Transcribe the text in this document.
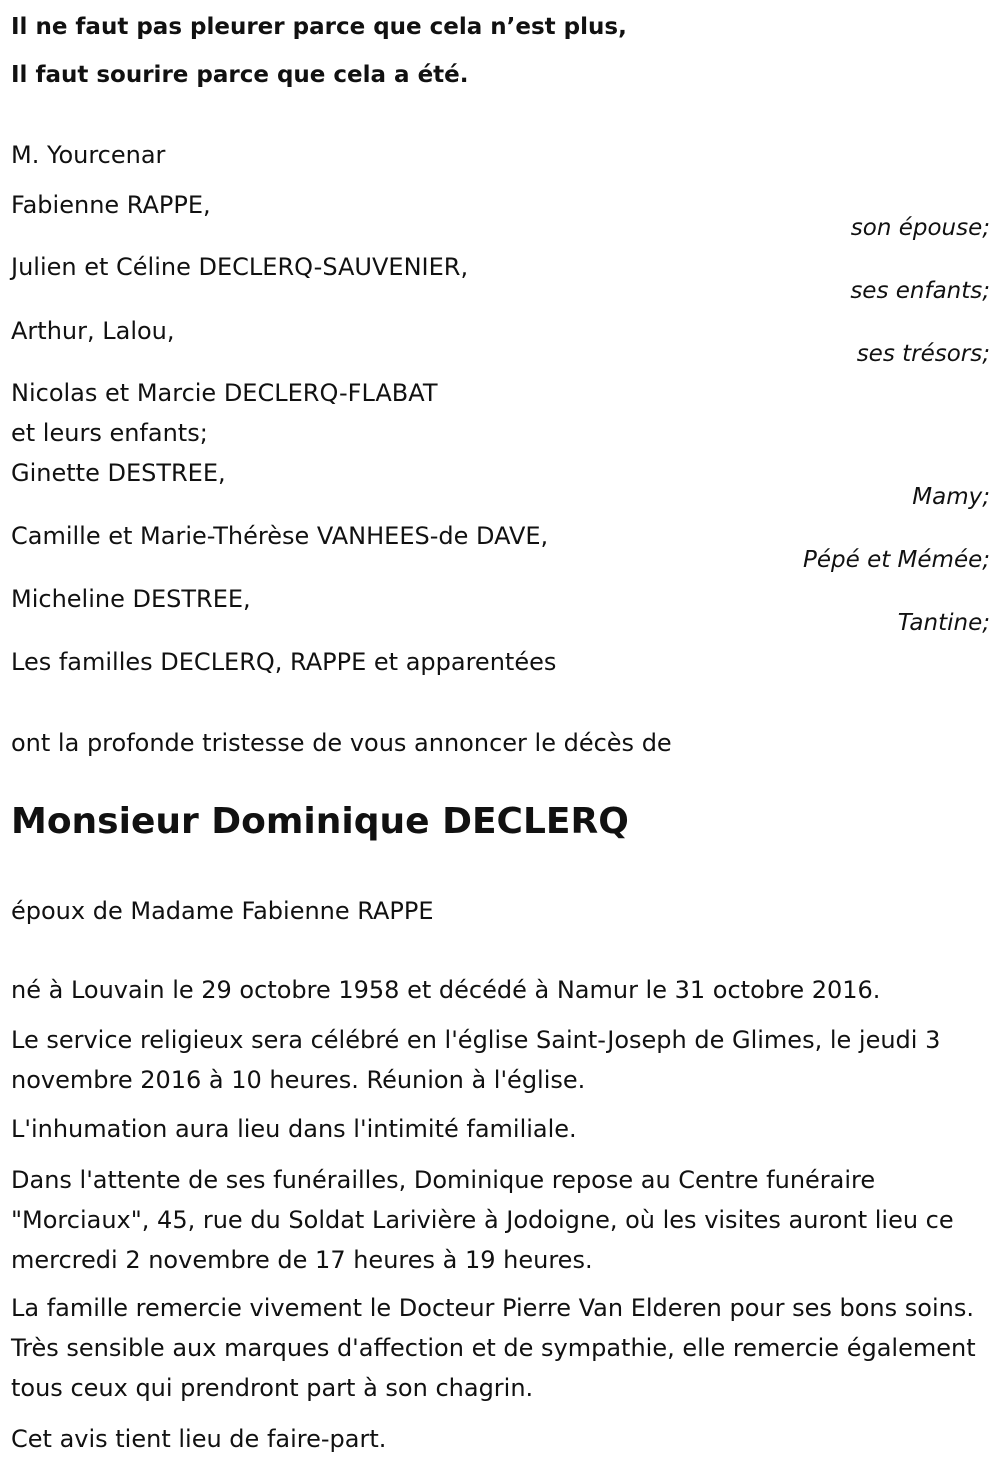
Il ne faut pas pleurer parce que cela n’est plus,
Il faut sourire parce que cela a été.
M. Yourcenar
Fabienne RAPPE,
son épouse;
Julien et Céline DECLERQ-SAUVENIER,
ses enfants;
Arthur, Lalou,
ses trésors;
Nicolas et Marcie DECLERQ-FLABAT
et leurs enfants;
Ginette DESTREE,
Mamy;
Camille et Marie-Thérèse VANHEES-de DAVE,
Pépé et Mémée;
Micheline DESTREE,
Tantine;
Les familles DECLERQ, RAPPE et apparentées
ont la profonde tristesse de vous annoncer le décès de
Monsieur Dominique DECLERQ
époux de Madame Fabienne RAPPE
né à Louvain le 29 octobre 1958 et décédé à Namur le 31 octobre 2016.
Le service religieux sera célébré en l'église Saint-Joseph de Glimes, le jeudi 3 novembre 2016 à 10 heures. Réunion à l'église.
L'inhumation aura lieu dans l'intimité familiale.
Dans l'attente de ses funérailles, Dominique repose au Centre funéraire "Morciaux", 45, rue du Soldat Larivière à Jodoigne, où les visites auront lieu ce mercredi 2 novembre de 17 heures à 19 heures.
La famille remercie vivement le Docteur Pierre Van Elderen pour ses bons soins. Très sensible aux marques d'affection et de sympathie, elle remercie également tous ceux qui prendront part à son chagrin.
Cet avis tient lieu de faire-part.
